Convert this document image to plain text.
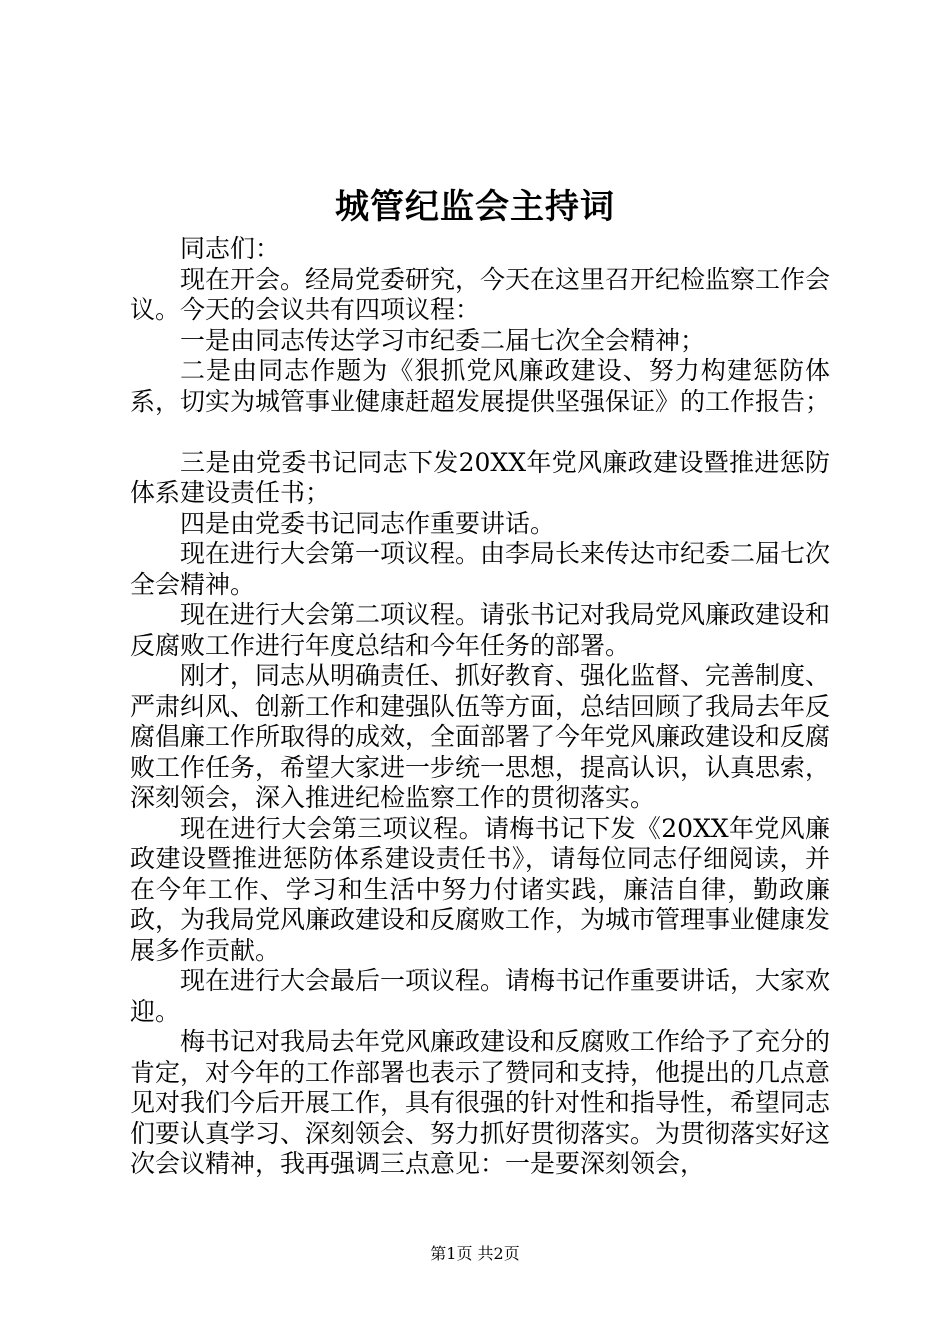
城管纪监会主持词

同志们：

现在开会。经局党委研究，今天在这里召开纪检监察工作会议。今天的会议共有四项议程：

一是由同志传达学习市纪委二届七次全会精神；

二是由同志作题为《狠抓党风廉政建设、努力构建惩防体系，切实为城管事业健康赶超发展提供坚强保证》的工作报告；

三是由党委书记同志下发20XX年党风廉政建设暨推进惩防体系建设责任书；

四是由党委书记同志作重要讲话。

现在进行大会第一项议程。由李局长来传达市纪委二届七次全会精神。

现在进行大会第二项议程。请张书记对我局党风廉政建设和反腐败工作进行年度总结和今年任务的部署。

刚才，同志从明确责任、抓好教育、强化监督、完善制度、严肃纠风、创新工作和建强队伍等方面，总结回顾了我局去年反腐倡廉工作所取得的成效，全面部署了今年党风廉政建设和反腐败工作任务，希望大家进一步统一思想，提高认识，认真思索，深刻领会，深入推进纪检监察工作的贯彻落实。

现在进行大会第三项议程。请梅书记下发《20XX年党风廉政建设暨推进惩防体系建设责任书》，请每位同志仔细阅读，并在今年工作、学习和生活中努力付诸实践，廉洁自律，勤政廉政，为我局党风廉政建设和反腐败工作，为城市管理事业健康发展多作贡献。

现在进行大会最后一项议程。请梅书记作重要讲话，大家欢迎。

梅书记对我局去年党风廉政建设和反腐败工作给予了充分的肯定，对今年的工作部署也表示了赞同和支持，他提出的几点意见对我们今后开展工作，具有很强的针对性和指导性，希望同志们要认真学习、深刻领会、努力抓好贯彻落实。为贯彻落实好这次会议精神，我再强调三点意见：一是要深刻领会，

第1页 共2页
